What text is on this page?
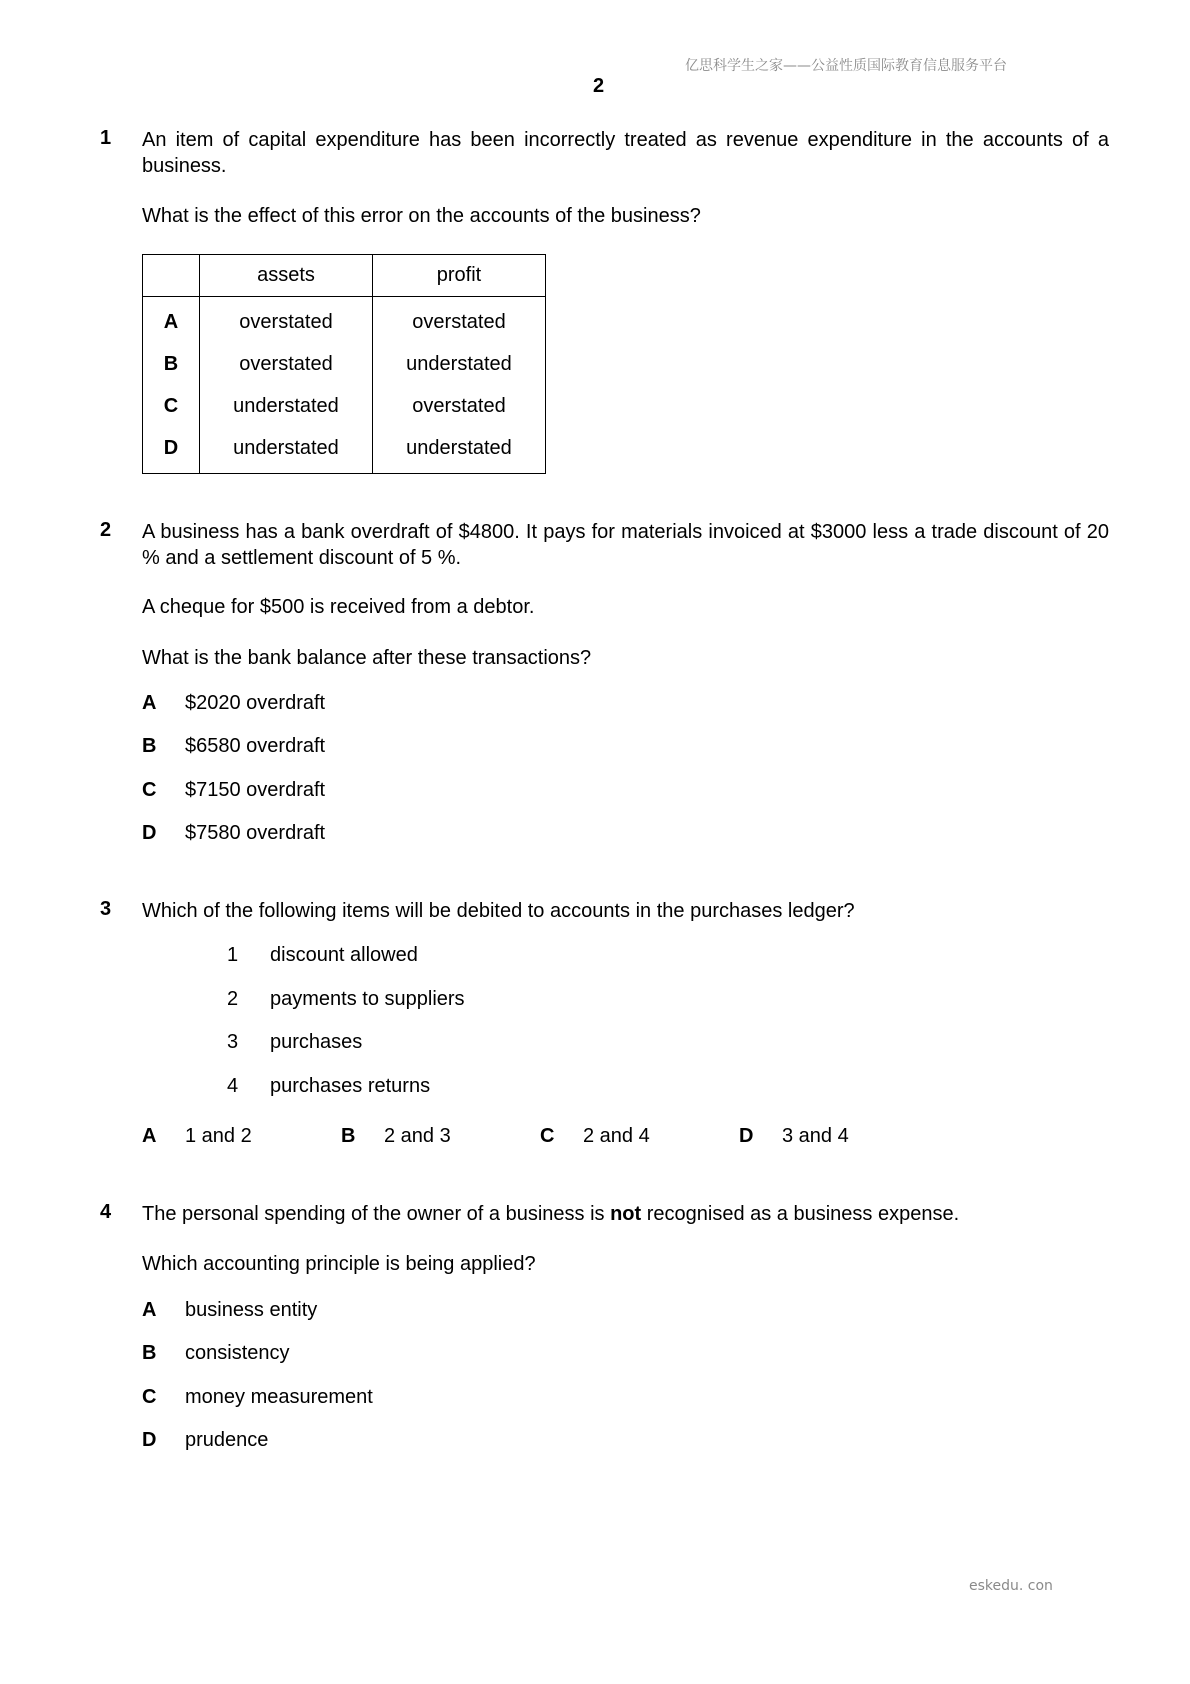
亿思科学生之家——公益性质国际教育信息服务平台
2
1 An item of capital expenditure has been incorrectly treated as revenue expenditure in the accounts of a business.
What is the effect of this error on the accounts of the business?
	assets	profit
A	overstated	overstated
B	overstated	understated
C	understated	overstated
D	understated	understated
2 A business has a bank overdraft of $4800. It pays for materials invoiced at $3000 less a trade discount of 20 % and a settlement discount of 5 %.
A cheque for $500 is received from a debtor.
What is the bank balance after these transactions?
A $2020 overdraft
B $6580 overdraft
C $7150 overdraft
D $7580 overdraft
3 Which of the following items will be debited to accounts in the purchases ledger?
1 discount allowed
2 payments to suppliers
3 purchases
4 purchases returns
A 1 and 2	B 2 and 3	C 2 and 4	D 3 and 4
4 The personal spending of the owner of a business is not recognised as a business expense.
Which accounting principle is being applied?
A business entity
B consistency
C money measurement
D prudence
eskedu. con
